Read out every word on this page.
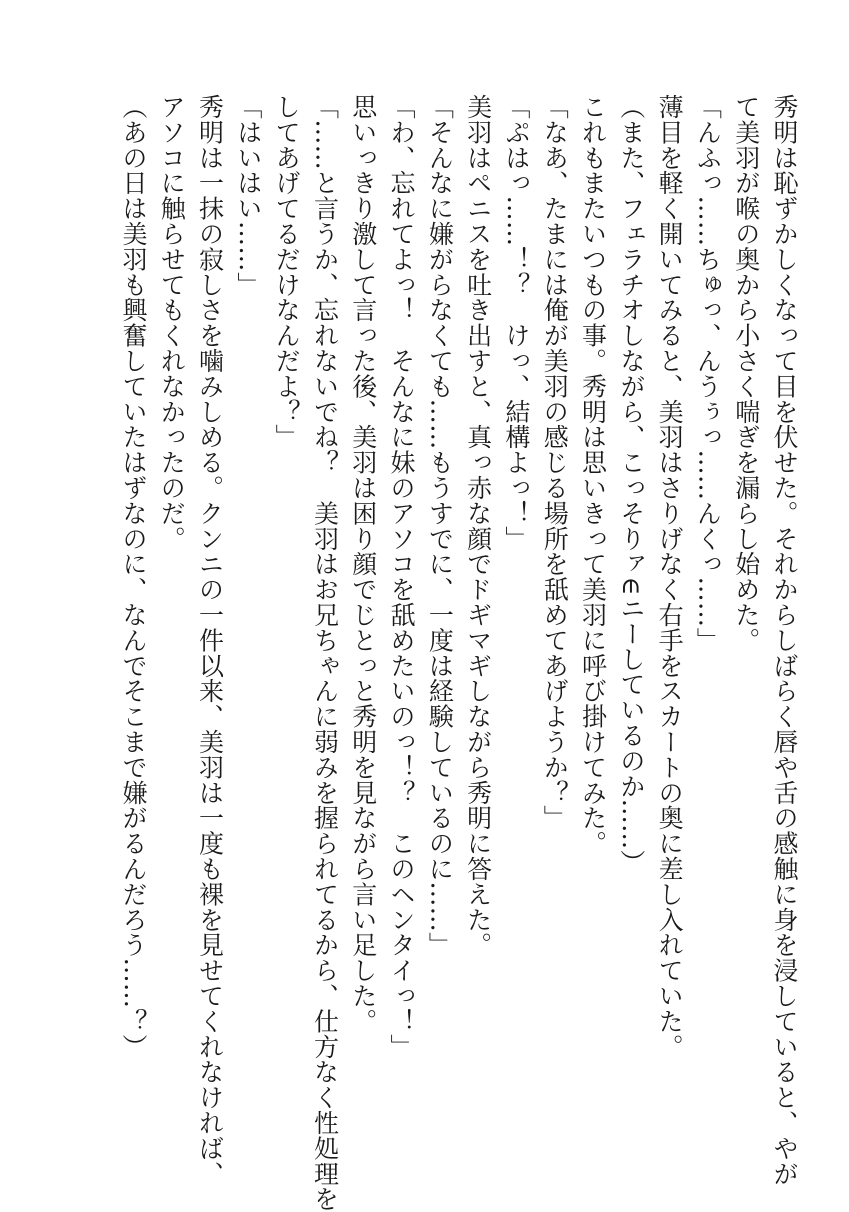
秀明は恥ずかしくなって目を伏せた。それからしばらく唇や舌の感触に身を浸していると、やが
て美羽が喉の奥から小さく喘ぎを漏らし始めた。
「んふっ……ちゅっ、んうぅっ……んくっ……」
薄目を軽く開いてみると、美羽はさりげなく右手をスカートの奥に差し入れていた。
（また、フェラチオしながら、こっそりァ∈ニーしているのか……）
これもまたいつもの事。秀明は思いきって美羽に呼び掛けてみた。
「なあ、たまには俺が美羽の感じる場所を舐めてあげようか？」
「ぷはっ……！？　けっ、結構よっ！」
美羽はペニスを吐き出すと、真っ赤な顔でドギマギしながら秀明に答えた。
「そんなに嫌がらなくても……もうすでに、一度は経験しているのに……」
「わ、忘れてよっ！　そんなに妹のアソコを舐めたいのっ！？　このヘンタイっ！」
思いっきり激して言った後、美羽は困り顔でじとっと秀明を見ながら言い足した。
「……と言うか、忘れないでね？　美羽はお兄ちゃんに弱みを握られてるから、仕方なく性処理を
してあげてるだけなんだよ？」
「はいはい……」
秀明は一抹の寂しさを噛みしめる。クンニの一件以来、美羽は一度も裸を見せてくれなければ、
アソコに触らせてもくれなかったのだ。
（あの日は美羽も興奮していたはずなのに、なんでそこまで嫌がるんだろう……？）
